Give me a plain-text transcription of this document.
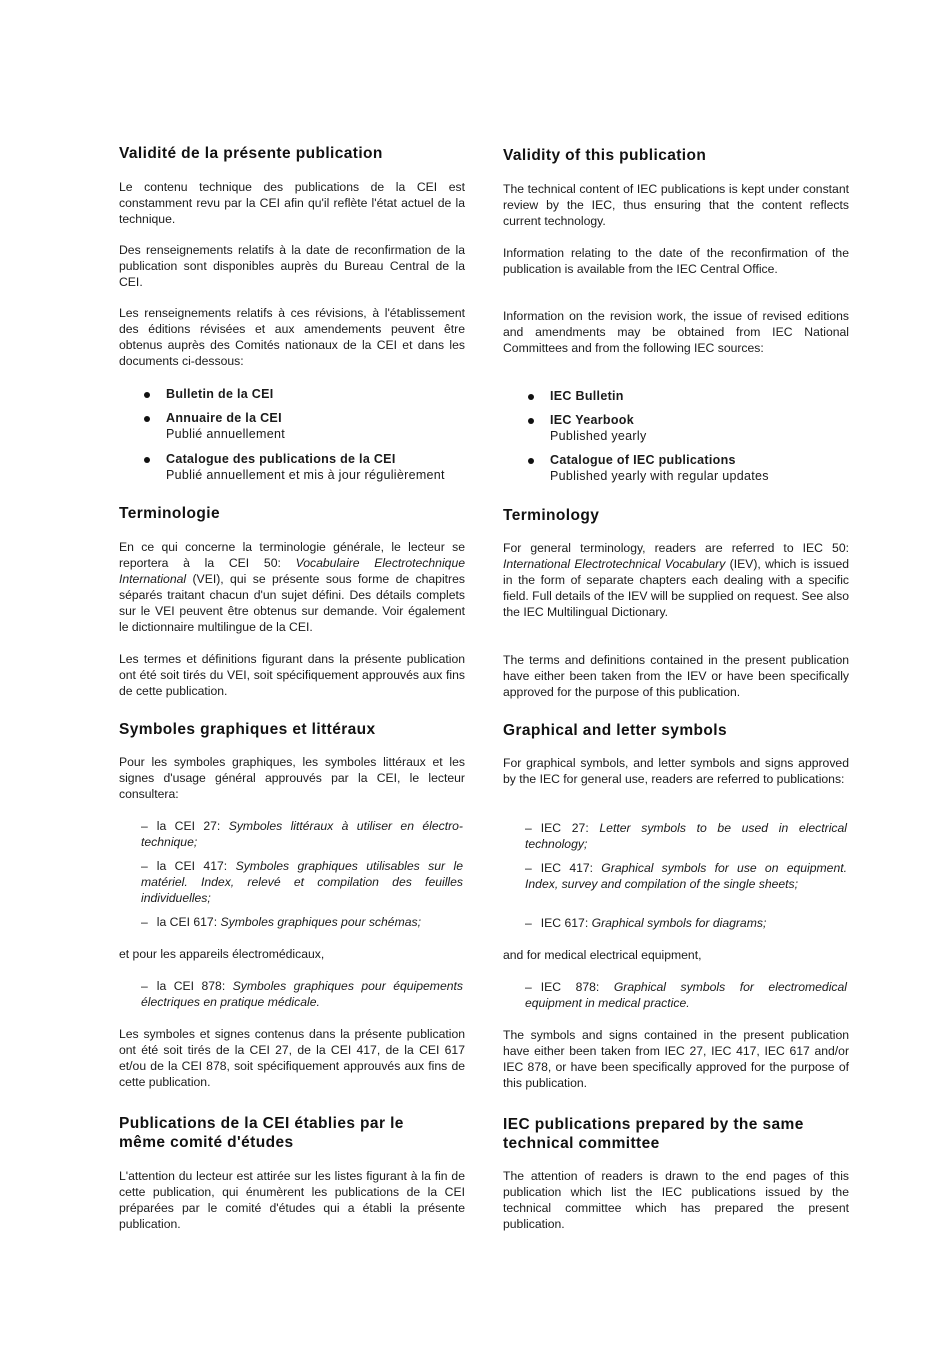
Validité de la présente publication

Le contenu technique des publications de la CEI est constamment revu par la CEI afin qu'il reflète l'état actuel de la technique.

Des renseignements relatifs à la date de reconfirmation de la publication sont disponibles auprès du Bureau Central de la CEI.

Les renseignements relatifs à ces révisions, à l'établissement des éditions révisées et aux amendements peuvent être obtenus auprès des Comités nationaux de la CEI et dans les documents ci-dessous:

Bulletin de la CEI
Annuaire de la CEI
Publié annuellement
Catalogue des publications de la CEI
Publié annuellement et mis à jour régulièrement
Terminologie

En ce qui concerne la terminologie générale, le lecteur se reportera à la CEI 50: Vocabulaire Electrotechnique International (VEI), qui se présente sous forme de chapitres séparés traitant chacun d'un sujet défini. Des détails complets sur le VEI peuvent être obtenus sur demande. Voir également le dictionnaire multilingue de la CEI.

Les termes et définitions figurant dans la présente publication ont été soit tirés du VEI, soit spécifiquement approuvés aux fins de cette publication.

Symboles graphiques et littéraux

Pour les symboles graphiques, les symboles littéraux et les signes d'usage général approuvés par la CEI, le lecteur consultera:

– la CEI 27: Symboles littéraux à utiliser en électro-technique;
– la CEI 417: Symboles graphiques utilisables sur le matériel. Index, relevé et compilation des feuilles individuelles;
– la CEI 617: Symboles graphiques pour schémas;

et pour les appareils électromédicaux,

– la CEI 878: Symboles graphiques pour équipements électriques en pratique médicale.

Les symboles et signes contenus dans la présente publication ont été soit tirés de la CEI 27, de la CEI 417, de la CEI 617 et/ou de la CEI 878, soit spécifiquement approuvés aux fins de cette publication.

Publications de la CEI établies par le
même comité d'études

L'attention du lecteur est attirée sur les listes figurant à la fin de cette publication, qui énumèrent les publications de la CEI préparées par le comité d'études qui a établi la présente publication.

Validity of this publication

The technical content of IEC publications is kept under constant review by the IEC, thus ensuring that the content reflects current technology.

Information relating to the date of the reconfirmation of the publication is available from the IEC Central Office.

Information on the revision work, the issue of revised editions and amendments may be obtained from IEC National Committees and from the following IEC sources:

IEC Bulletin
IEC Yearbook
Published yearly
Catalogue of IEC publications
Published yearly with regular updates
Terminology

For general terminology, readers are referred to IEC 50: International Electrotechnical Vocabulary (IEV), which is issued in the form of separate chapters each dealing with a specific field. Full details of the IEV will be supplied on request. See also the IEC Multilingual Dictionary.

The terms and definitions contained in the present publication have either been taken from the IEV or have been specifically approved for the purpose of this publication.

Graphical and letter symbols

For graphical symbols, and letter symbols and signs approved by the IEC for general use, readers are referred to publications:

– IEC 27: Letter symbols to be used in electrical technology;
– IEC 417: Graphical symbols for use on equipment. Index, survey and compilation of the single sheets;
– IEC 617: Graphical symbols for diagrams;

and for medical electrical equipment,

– IEC 878: Graphical symbols for electromedical equipment in medical practice.

The symbols and signs contained in the present publication have either been taken from IEC 27, IEC 417, IEC 617 and/or IEC 878, or have been specifically approved for the purpose of this publication.

IEC publications prepared by the same
technical committee

The attention of readers is drawn to the end pages of this publication which list the IEC publications issued by the technical committee which has prepared the present publication.
